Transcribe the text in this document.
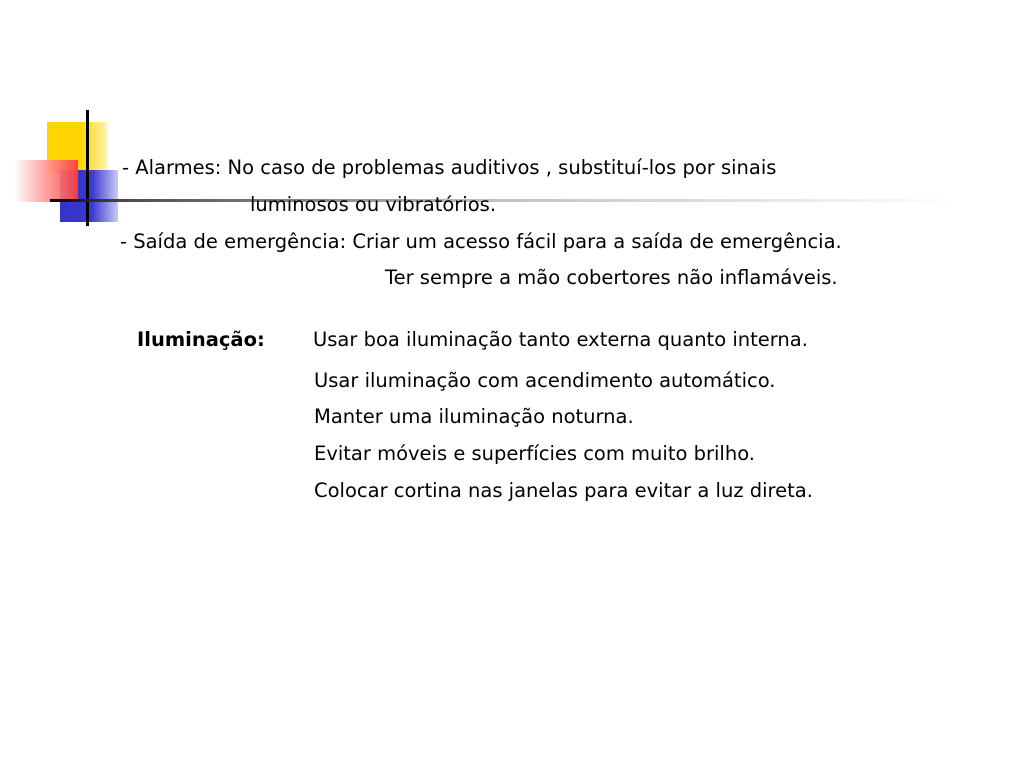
- Alarmes: No caso de problemas auditivos , substituí-los por sinais
luminosos ou vibratórios.
- Saída de emergência: Criar um acesso fácil para a saída de emergência.
Ter sempre a mão cobertores não inflamáveis.
Iluminação: Usar boa iluminação tanto externa quanto interna.
Usar iluminação com acendimento automático.
Manter uma iluminação noturna.
Evitar móveis e superfícies com muito brilho.
Colocar cortina nas janelas para evitar a luz direta.
